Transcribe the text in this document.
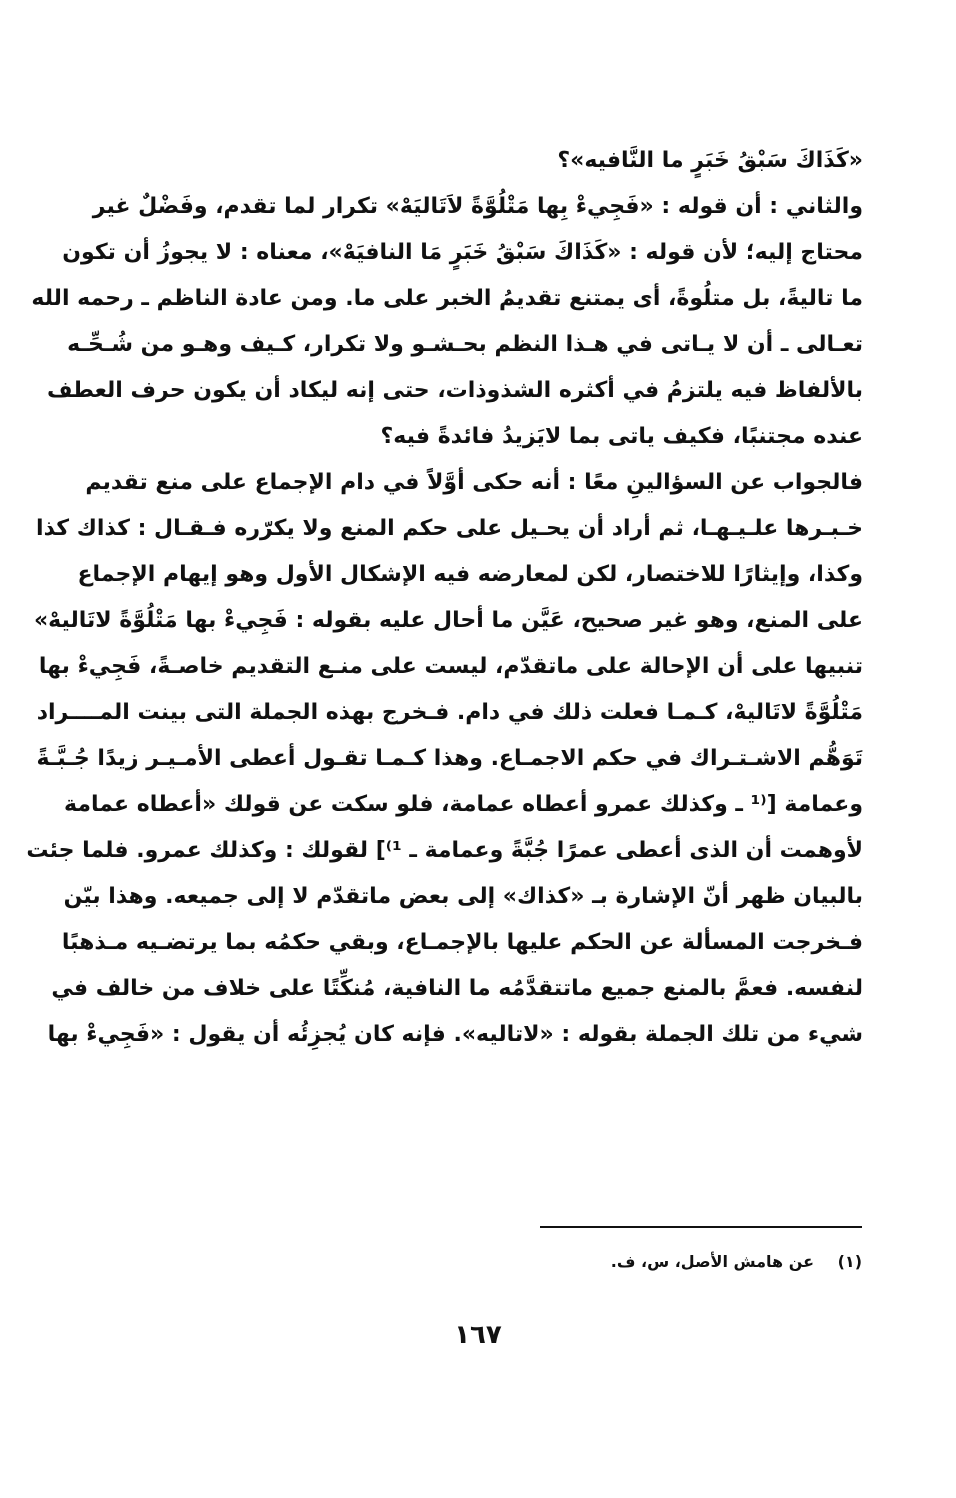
«كَذَاكَ سَبْقُ خَبَرٍ ما النَّافيه»؟
والثاني : أن قوله : «فَجِيءْ بِها مَتْلُوَّةً لاَتَاليَهْ» تكرار لما تقدم، وفَضْلٌ غير
محتاج إليه؛ لأن قوله : «كَذَاكَ سَبْقُ خَبَرٍ مَا النافيَهْ»، معناه : لا يجوزُ أن تكون
ما تاليةً، بل متلُوةً، أى يمتنع تقديمُ الخبر على ما. ومن عادة الناظم ـ رحمه الله
تعـالى ـ أن لا يـاتى في هـذا النظم بحـشـو ولا تكرار، كـيف وهـو من شُـحِّـه
بالألفاظ فيه يلتزمُ في أكثره الشذوذات، حتى إنه ليكاد أن يكون حرف العطف
عنده مجتنبًا، فكيف ياتى بما لايَزيدُ فائدةً فيه؟
فالجواب عن السؤالينِ معًا : أنه حكى أوَّلاً في دام الإجماع على منع تقديم
خـبـرها علـيـهـا، ثم أراد أن يحـيل على حكم المنع ولا يكرّره فـقـال : كذاك كذا
وكذا، وإيثارًا للاختصار، لكن لمعارضه فيه الإشكال الأول وهو إيهام الإجماع
على المنع، وهو غير صحيح، عَيَّن ما أحال عليه بقوله : فَجِيءْ بها مَتْلُوَّةً لاتَاليهْ»
تنبيها على أن الإحالة على ماتقدّم، ليست على منـع التقديم خاصـةً، فَجِيءْ بها
مَتْلُوَّةً لاتَاليهْ، كـمـا فعلت ذلك في دام. فـخرج بهذه الجملة التى بينت المــــراد
تَوَهُّم الاشـتـراك في حكم الاجمـاع. وهذا كـمـا تقـول أعطى الأمـيـر زيدًا جُـبَّـةً
وعمامة [⁽¹ ـ وكذلك عمرو أعطاه عمامة، فلو سكت عن قولك «أعطاه عمامة
لأوهمت أن الذى أعطى عمرًا جُبَّةً وعمامة ـ ¹⁾] لقولك : وكذلك عمرو. فلما جئت
بالبيان ظهر أنّ الإشارة بـ «كذاك» إلى بعض ماتقدّم لا إلى جميعه. وهذا بيّن
فـخرجت المسألة عن الحكم عليها بالإجمـاع، وبقي حكمُه بما يرتضـيه مـذهبًا
لنفسه. فعمَّ بالمنع جميع ماتتقدَّمُه ما النافية، مُنكِّتًا على خلاف من خالف في
شيء من تلك الجملة بقوله : «لاتاليه». فإنه كان يُجزِئُه أن يقول : «فَجِيءْ بها
(١) عن هامش الأصل، س، ف.
١٦٧
